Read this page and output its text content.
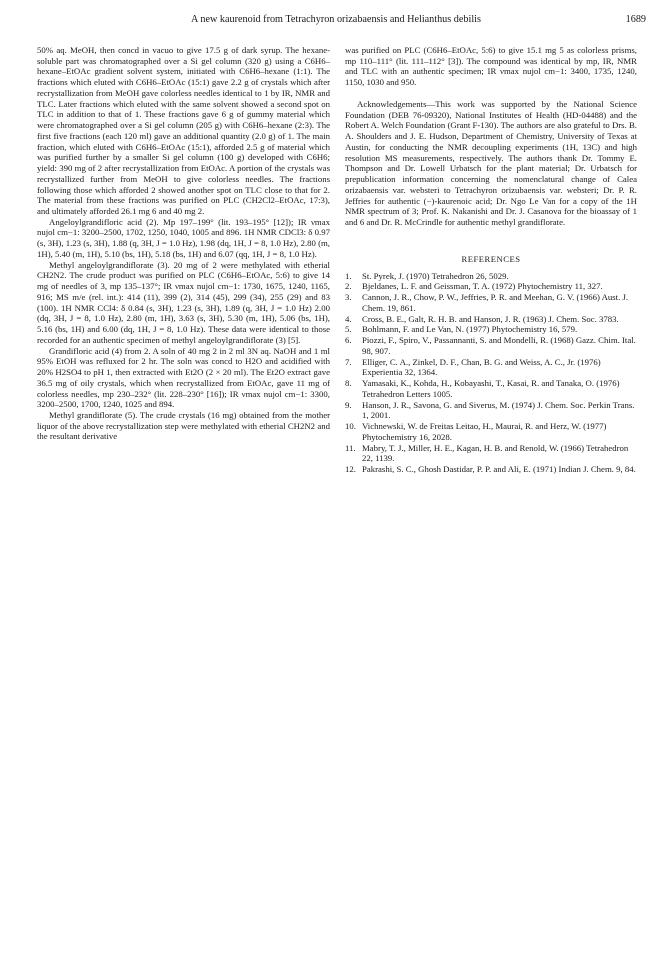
A new kaurenoid from Tetrachyron orizabaensis and Helianthus debilis	1689

50% aq. MeOH, then concd in vacuo to give 17.5 g of dark syrup. The hexane-soluble part was chromatographed over a Si gel column (320 g) using a C6H6–hexane–EtOAc gradient solvent system, initiated with C6H6–hexane (1:1). The fractions which eluted with C6H6–EtOAc (15:1) gave 2.2 g of crystals which after recrystallization from MeOH gave colorless needles identical to 1 by IR, NMR and TLC. Later fractions which eluted with the same solvent showed a second spot on TLC in addition to that of 1. These fractions gave 6 g of gummy material which were chromatographed over a Si gel column (205 g) with C6H6–hexane (2:3). The first five fractions (each 120 ml) gave an additional quantity (2.0 g) of 1. The main fraction, which eluted with C6H6–EtOAc (15:1), afforded 2.5 g of material which was purified further by a smaller Si gel column (100 g) developed with C6H6; yield: 390 mg of 2 after recrystallization from EtOAc. A portion of the crystals was recrystallized further from MeOH to give colorless needles. The fractions following those which afforded 2 showed another spot on TLC close to that for 2. The material from these fractions was purified on PLC (CH2Cl2–EtOAc, 17:3), and ultimately afforded 26.1 mg 6 and 40 mg 2.

Angeloylgrandifloric acid (2). Mp 197–199° (lit. 193–195° [12]); IR νmax nujol cm−1: 3200–2500, 1702, 1250, 1040, 1005 and 896. 1H NMR CDCl3: δ 0.97 (s, 3H), 1.23 (s, 3H), 1.88 (q, 3H, J = 1.0 Hz), 1.98 (dq, 1H, J = 8, 1.0 Hz), 2.80 (m, 1H), 5.40 (m, 1H), 5.10 (bs, 1H), 5.18 (bs, 1H) and 6.07 (qq, 1H, J = 8, 1.0 Hz).

Methyl angeloylgrandiflorate (3). 20 mg of 2 were methylated with etherial CH2N2. The crude product was purified on PLC (C6H6–EtOAc, 5:6) to give 14 mg of needles of 3, mp 135–137°; IR νmax nujol cm−1: 1730, 1675, 1240, 1165, 916; MS m/e (rel. int.): 414 (11), 399 (2), 314 (45), 299 (34), 255 (29) and 83 (100). 1H NMR CCl4: δ 0.84 (s, 3H), 1.23 (s, 3H), 1.89 (q, 3H, J = 1.0 Hz) 2.00 (dq, 3H, J = 8, 1.0 Hz), 2.80 (m, 1H), 3.63 (s, 3H), 5.30 (m, 1H), 5.06 (bs, 1H), 5.16 (bs, 1H) and 6.00 (dq, 1H, J = 8, 1.0 Hz). These data were identical to those recorded for an authentic specimen of methyl angeloylgrandiflorate (3) [5].

Grandifloric acid (4) from 2. A soln of 40 mg 2 in 2 ml 3N aq. NaOH and 1 ml 95% EtOH was refluxed for 2 hr. The soln was concd to H2O and acidified with 20% H2SO4 to pH 1, then extracted with Et2O (2 × 20 ml). The Et2O extract gave 36.5 mg of oily crystals, which when recrystallized from EtOAc, gave 11 mg of colorless needles, mp 230–232° (lit. 228–230° [16]); IR νmax nujol cm−1: 3300, 3200–2500, 1700, 1240, 1025 and 894.

Methyl grandiflorate (5). The crude crystals (16 mg) obtained from the mother liquor of the above recrystallization step were methylated with etherial CH2N2 and the resultant derivative

was purified on PLC (C6H6–EtOAc, 5:6) to give 15.1 mg 5 as colorless prisms, mp 110–111° (lit. 111–112° [3]). The compound was identical by mp, IR, NMR and TLC with an authentic specimen; IR νmax nujol cm−1: 3400, 1735, 1240, 1150, 1030 and 950.

Acknowledgements—This work was supported by the National Science Foundation (DEB 76-09320), National Institutes of Health (HD-04488) and the Robert A. Welch Foundation (Grant F-130). The authors are also grateful to Drs. B. A. Shoulders and J. E. Hudson, Department of Chemistry, University of Texas at Austin, for conducting the NMR decoupling experiments (1H, 13C) and high resolution MS measurements, respectively. The authors thank Dr. Tommy E. Thompson and Dr. Lowell Urbatsch for the plant material; Dr. Urbatsch for prepublication information concerning the nomenclatural change of Calea orizabaensis var. websteri to Tetrachyron orizubaensis var. websteri; Dr. P. R. Jeffries for authentic (−)-kaurenoic acid; Dr. Ngo Le Van for a copy of the 1H NMR spectrum of 3; Prof. K. Nakanishi and Dr. J. Casanova for the bioassay of 1 and 6 and Dr. R. McCrindle for authentic methyl grandiflorate.

REFERENCES
1. St. Pyrek, J. (1970) Tetrahedron 26, 5029.
2. Bjeldanes, L. F. and Geissman, T. A. (1972) Phytochemistry 11, 327.
3. Cannon, J. R., Chow, P. W., Jeffries, P. R. and Meehan, G. V. (1966) Aust. J. Chem. 19, 861.
4. Cross, B. E., Galt, R. H. B. and Hanson, J. R. (1963) J. Chem. Soc. 3783.
5. Bohlmann, F. and Le Van, N. (1977) Phytochemistry 16, 579.
6. Piozzi, F., Spiro, V., Passannanti, S. and Mondelli, R. (1968) Gazz. Chim. Ital. 98, 907.
7. Elliger, C. A., Zinkel, D. F., Chan, B. G. and Weiss, A. C., Jr. (1976) Experientia 32, 1364.
8. Yamasaki, K., Kohda, H., Kobayashi, T., Kasai, R. and Tanaka, O. (1976) Tetrahedron Letters 1005.
9. Hanson, J. R., Savona, G. and Siverus, M. (1974) J. Chem. Soc. Perkin Trans. 1, 2001.
10. Vichnewski, W. de Freitas Leitao, H., Maurai, R. and Herz, W. (1977) Phytochemistry 16, 2028.
11. Mabry, T. J., Miller, H. E., Kagan, H. B. and Renold, W. (1966) Tetrahedron 22, 1139.
12. Pakrashi, S. C., Ghosh Dastidar, P. P. and Ali, E. (1971) Indian J. Chem. 9, 84.
